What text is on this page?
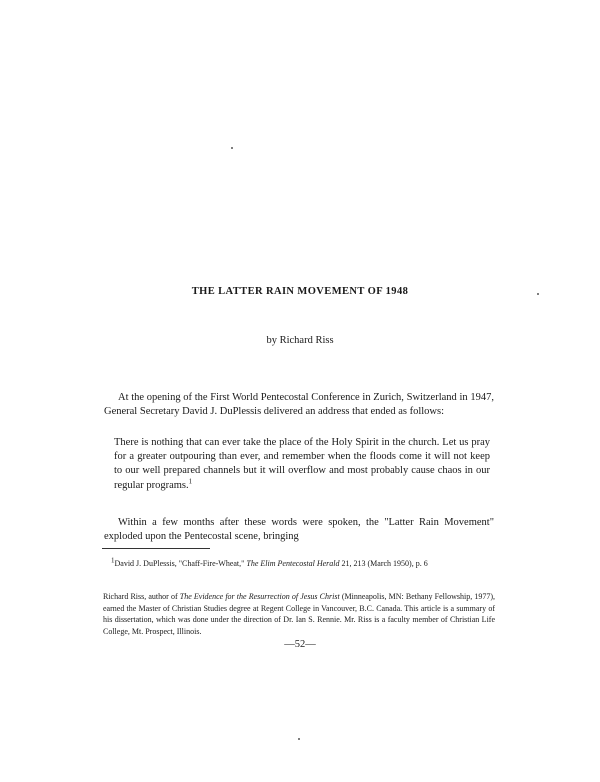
THE LATTER RAIN MOVEMENT OF 1948
by Richard Riss

At the opening of the First World Pentecostal Conference in Zurich, Switzerland in 1947, General Secretary David J. DuPlessis delivered an address that ended as follows:

There is nothing that can ever take the place of the Holy Spirit in the church. Let us pray for a greater outpouring than ever, and remember when the floods come it will not keep to our well prepared channels but it will overflow and most probably cause chaos in our regular programs.$^1$

Within a few months after these words were spoken, the "Latter Rain Movement" exploded upon the Pentecostal scene, bringing

$^1$David J. DuPlessis, "Chaff-Fire-Wheat," The Elim Pentecostal Herald 21, 213 (March 1950), p. 6

Richard Riss, author of The Evidence for the Resurrection of Jesus Christ (Minneapolis, MN: Bethany Fellowship, 1977), earned the Master of Christian Studies degree at Regent College in Vancouver, B.C. Canada. This article is a summary of his dissertation, which was done under the direction of Dr. Ian S. Rennie. Mr. Riss is a faculty member of Christian Life College, Mt. Prospect, Illinois.

—52—
